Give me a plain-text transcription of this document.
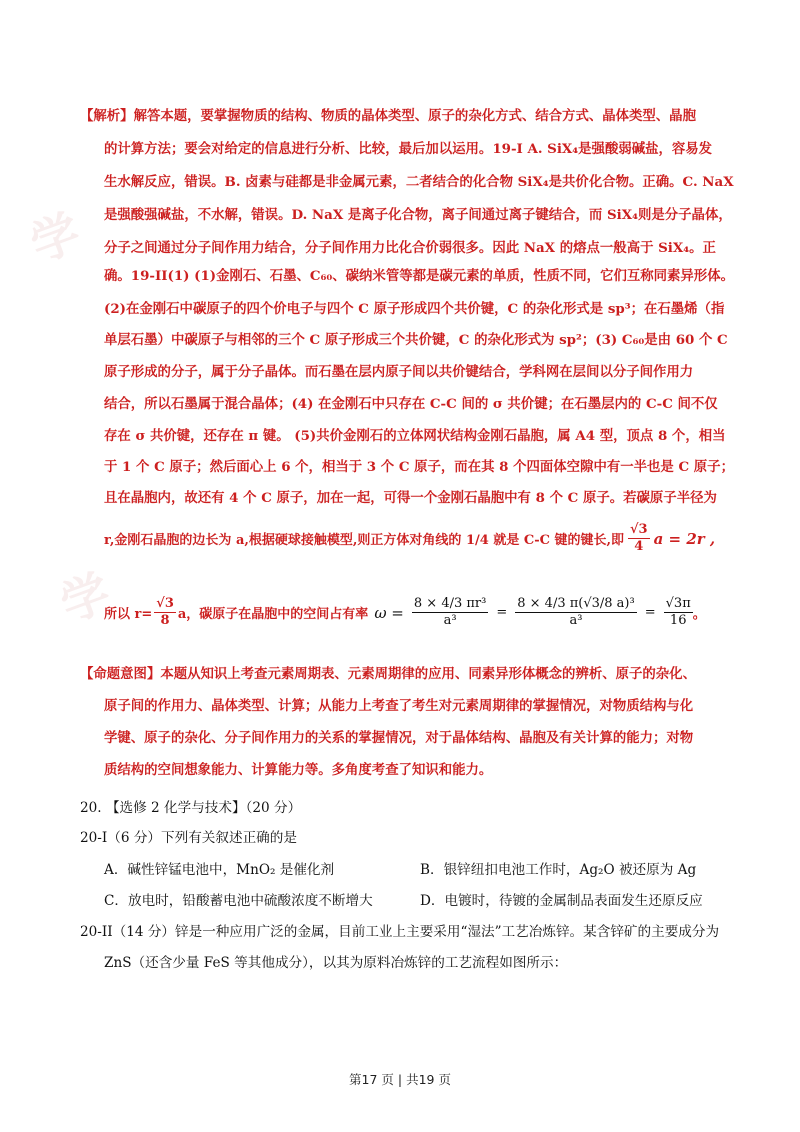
学
学
【解析】解答本题，要掌握物质的结构、物质的晶体类型、原子的杂化方式、结合方式、晶体类型、晶胞
的计算方法；要会对给定的信息进行分析、比较，最后加以运用。19-I A. SiX₄是强酸弱碱盐，容易发
生水解反应，错误。B. 卤素与硅都是非金属元素，二者结合的化合物 SiX₄是共价化合物。正确。C. NaX
是强酸强碱盐，不水解，错误。D. NaX 是离子化合物，离子间通过离子键结合，而 SiX₄则是分子晶体，
分子之间通过分子间作用力结合，分子间作用力比化合价弱很多。因此 NaX 的熔点一般高于 SiX₄。正
确。19-II(1) (1)金刚石、石墨、C₆₀、碳纳米管等都是碳元素的单质，性质不同，它们互称同素异形体。
(2)在金刚石中碳原子的四个价电子与四个 C 原子形成四个共价键，C 的杂化形式是 sp³；在石墨烯（指
单层石墨）中碳原子与相邻的三个 C 原子形成三个共价键，C 的杂化形式为 sp²；(3) C₆₀是由 60 个 C
原子形成的分子，属于分子晶体。而石墨在层内原子间以共价键结合，学科网在层间以分子间作用力
结合，所以石墨属于混合晶体；(4) 在金刚石中只存在 C-C 间的 σ 共价键；在石墨层内的 C-C 间不仅
存在 σ 共价键，还存在 π 键。 (5)共价金刚石的立体网状结构金刚石晶胞，属 A4 型，顶点 8 个，相当
于 1 个 C 原子；然后面心上 6 个，相当于 3 个 C 原子，而在其 8 个四面体空隙中有一半也是 C 原子；
且在晶胞内，故还有 4 个 C 原子，加在一起，可得一个金刚石晶胞中有 8 个 C 原子。若碳原子半径为
r,金刚石晶胞的边长为 a,根据硬球接触模型,则正方体对角线的 1/4 就是 C-C 键的键长,即 $\frac{√3}{4}$ a = 2r ,
所以 $r= \frac{√3}{8}$ a，碳原子在晶胞中的空间占有率 $\omega = \frac{\text{8 × 4/3 πr³}}{\text{a³}} = \frac{\text{8 × 4/3 π(√3/8 a)³}}{\text{a³}} = \frac{√3\pi}{16}$ 。
【命题意图】本题从知识上考查元素周期表、元素周期律的应用、同素异形体概念的辨析、原子的杂化、
原子间的作用力、晶体类型、计算；从能力上考查了考生对元素周期律的掌握情况，对物质结构与化
学键、原子的杂化、分子间作用力的关系的掌握情况，对于晶体结构、晶胞及有关计算的能力；对物
质结构的空间想象能力、计算能力等。多角度考查了知识和能力。
20. 【选修 2 化学与技术】（20 分）
20-I（6 分）下列有关叙述正确的是
A．碱性锌锰电池中，MnO₂ 是催化剂	B．银锌纽扣电池工作时，Ag₂O 被还原为 Ag
C．放电时，铅酸蓄电池中硫酸浓度不断增大	D．电镀时，待镀的金属制品表面发生还原反应
20-II（14 分）锌是一种应用广泛的金属，目前工业上主要采用“湿法”工艺冶炼锌。某含锌矿的主要成分为
ZnS（还含少量 FeS 等其他成分），以其为原料冶炼锌的工艺流程如图所示：
第17 页 | 共19 页
